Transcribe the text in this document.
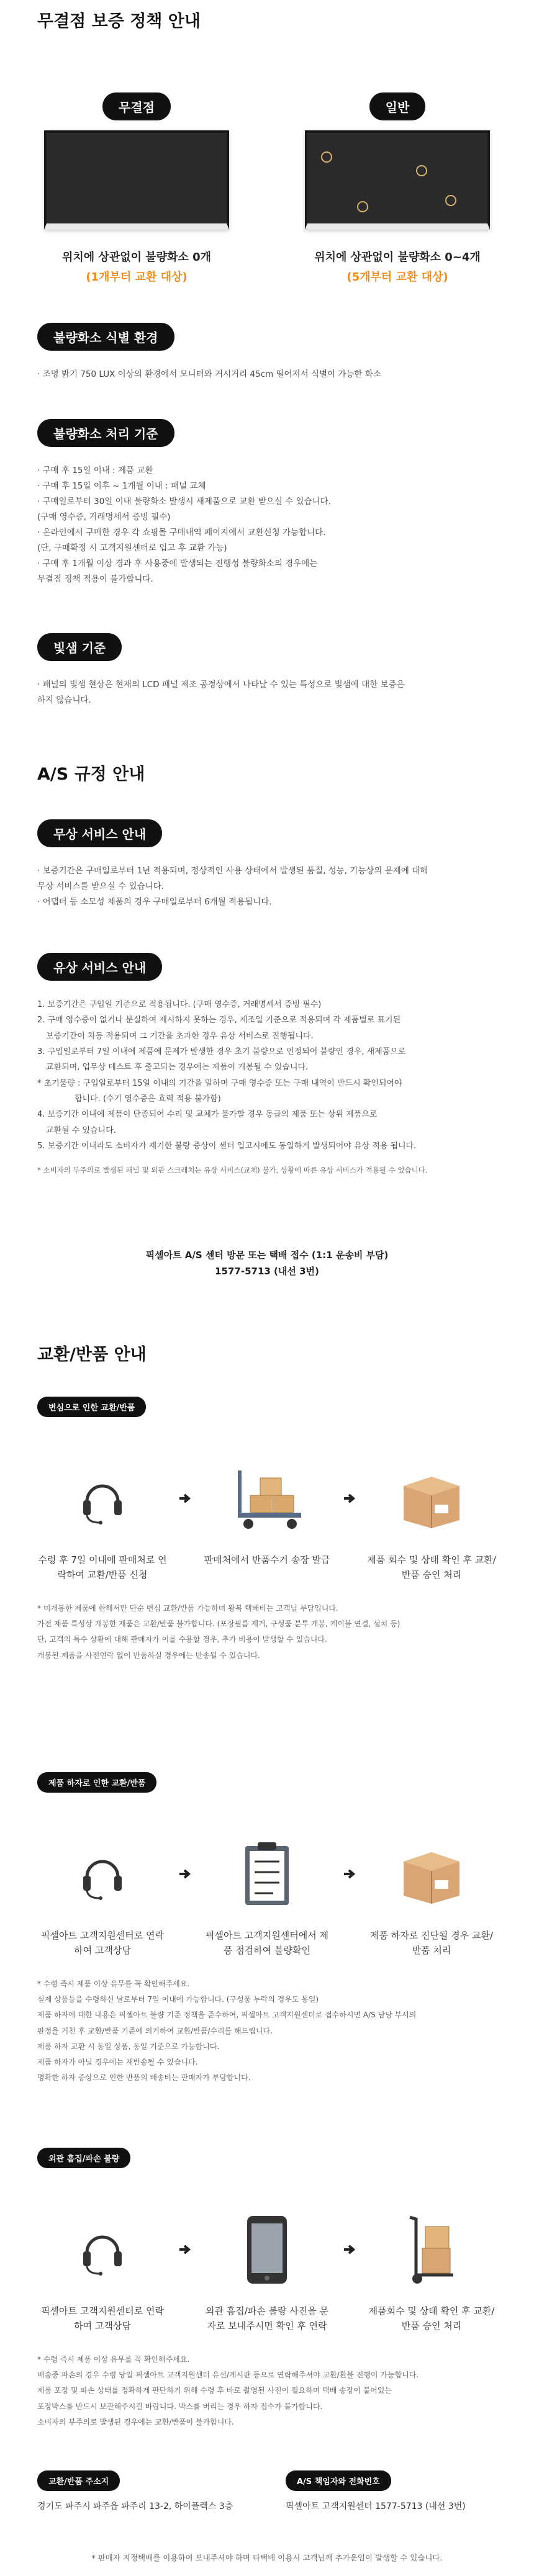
무결점 보증 정책 안내
무결점
위치에 상관없이 불량화소 0개
(1개부터 교환 대상)
일반
위치에 상관없이 불량화소 0~4개
(5개부터 교환 대상)
불량화소 식별 환경
· 조명 밝기 750 LUX 이상의 환경에서 모니터와 거시거리 45cm 떨어져서 식별이 가능한 화소
불량화소 처리 기준
· 구매 후 15일 이내 : 제품 교환
· 구매 후 15일 이후 ~ 1개월 이내 : 패널 교체
· 구매일로부터 30일 이내 불량화소 발생시 새제품으로 교환 받으실 수 있습니다.
(구매 영수증, 거래명세서 증빙 필수)
· 온라인에서 구매한 경우 각 쇼핑몰 구매내역 페이지에서 교환신청 가능합니다.
(단, 구매확정 시 고객지원센터로 입고 후 교환 가능)
· 구매 후 1개월 이상 경과 후 사용중에 발생되는 진행성 불량화소의 경우에는
무결점 정책 적용이 불가합니다.
빛샘 기준
· 패널의 빛샘 현상은 현재의 LCD 패널 제조 공정상에서 나타날 수 있는 특성으로 빛샘에 대한 보증은
하지 않습니다.
A/S 규정 안내
무상 서비스 안내
· 보증기간은 구매일로부터 1년 적용되며, 정상적인 사용 상태에서 발생된 품질, 성능, 기능상의 문제에 대해
무상 서비스를 받으실 수 있습니다.
· 어댑터 등 소모성 제품의 경우 구매일로부터 6개월 적용됩니다.
유상 서비스 안내
1. 보증기간은 구입일 기준으로 적용됩니다. (구매 영수증, 거래명세서 증빙 필수)
2. 구매 영수증이 없거나 분실하여 제시하지 못하는 경우, 제조일 기준으로 적용되며 각 제품별로 표기된
보증기간이 차등 적용되며 그 기간을 초과한 경우 유상 서비스로 진행됩니다.
3. 구입일로부터 7일 이내에 제품에 문제가 발생한 경우 초기 불량으로 인정되어 불량인 경우, 새제품으로
교환되며, 업무상 테스트 후 출고되는 경우에는 제품이 개봉될 수 있습니다.
* 초기불량 : 구입일로부터 15일 이내의 기간을 말하며 구매 영수증 또는 구매 내역이 반드시 확인되어야
합니다. (수기 영수증은 효력 적용 불가함)
4. 보증기간 이내에 제품이 단종되어 수리 및 교체가 불가할 경우 동급의 제품 또는 상위 제품으로
교환될 수 있습니다.
5. 보증기간 이내라도 소비자가 제기한 불량 증상이 센터 입고시에도 동일하게 발생되어야 유상 적용 됩니다.
* 소비자의 부주의로 발생된 패널 및 외관 스크래치는 유상 서비스(교체) 불가, 상황에 따른 유상 서비스가 적용될 수 있습니다.
픽셀아트 A/S 센터 방문 또는 택배 접수 (1:1 운송비 부담)
1577-5713 (내선 3번)
교환/반품 안내
변심으로 인한 교환/반품
수령 후 7일 이내에 판매처로 연락하여 교환/반품 신청
판매처에서 반품수거 송장 발급	제품 회수 및 상태 확인 후 교환/반품 승인 처리
* 미개봉한 제품에 한해서만 단순 변심 교환/반품 가능하며 왕복 택배비는 고객님 부담입니다.
가전 제품 특성상 개봉한 제품은 교환/반품 불가합니다. (포장필름 제거, 구성품 분투 개봉, 케이블 연결, 설치 등)
단, 고객의 특수 상황에 대해 판매자가 이를 수용할 경우, 추가 비용이 발생할 수 있습니다.
개봉된 제품을 사전연락 없이 반품하실 경우에는 반송될 수 있습니다.
제품 하자로 인한 교환/반품
픽셀아트 고객지원센터로 연락하여 고객상담
픽셀아트 고객지원센터에서 제품 점검하여 불량확인
제품 하자로 진단될 경우 교환/반품 처리
* 수령 즉시 제품 이상 유무를 꼭 확인해주세요.
실제 상품등을 수령하신 날로부터 7일 이내에 가능합니다. (구성품 누락의 경우도 동일)
제품 하자에 대한 내용은 픽셀아트 불량 기준 정책을 준수하여, 픽셀아트 고객지원센터로 접수하시면 A/S 담당 부서의
판정을 거친 후 교환/반품 기준에 의거하여 교환/반품/수리를 해드립니다.
제품 하자 교환 시 동일 상품, 동일 기준으로 가능합니다.
제품 하자가 아닐 경우에는 재반송될 수 있습니다.
명확한 하자 증상으로 인한 반품의 배송비는 판매자가 부담합니다.
외관 흠집/파손 불량
픽셀아트 고객지원센터로 연락하여 고객상담
외관 흠집/파손 불량 사진을 문자로 보내주시면 확인 후 연락
제품회수 및 상태 확인 후 교환/반품 승인 처리
* 수령 즉시 제품 이상 유무를 꼭 확인해주세요.
배송중 파손의 경우 수령 당일 픽셀아트 고객지원센터 유선/게시판 등으로 연락해주셔야 교환/환불 진행이 가능합니다.
제품 포장 및 파손 상태를 정확하게 판단하기 위해 수령 후 바로 촬영된 사진이 필요하며 택배 송장이 붙어있는
포장박스를 반드시 보관해주시길 바랍니다. 박스를 버리는 경우 하자 접수가 불가합니다.
소비자의 부주의로 발생된 경우에는 교환/반품이 불가합니다.
교환/반품 주소지
경기도 파주시 파주읍 파주리 13-2, 하이플렉스 3층
A/S 책임자와 전화번호
픽셀아트 고객지원센터 1577-5713 (내선 3번)
* 판매자 지정택배를 이용하여 보내주셔야 하며 타택배 이용시 고객님께 추가운임이 발생할 수 있습니다.
